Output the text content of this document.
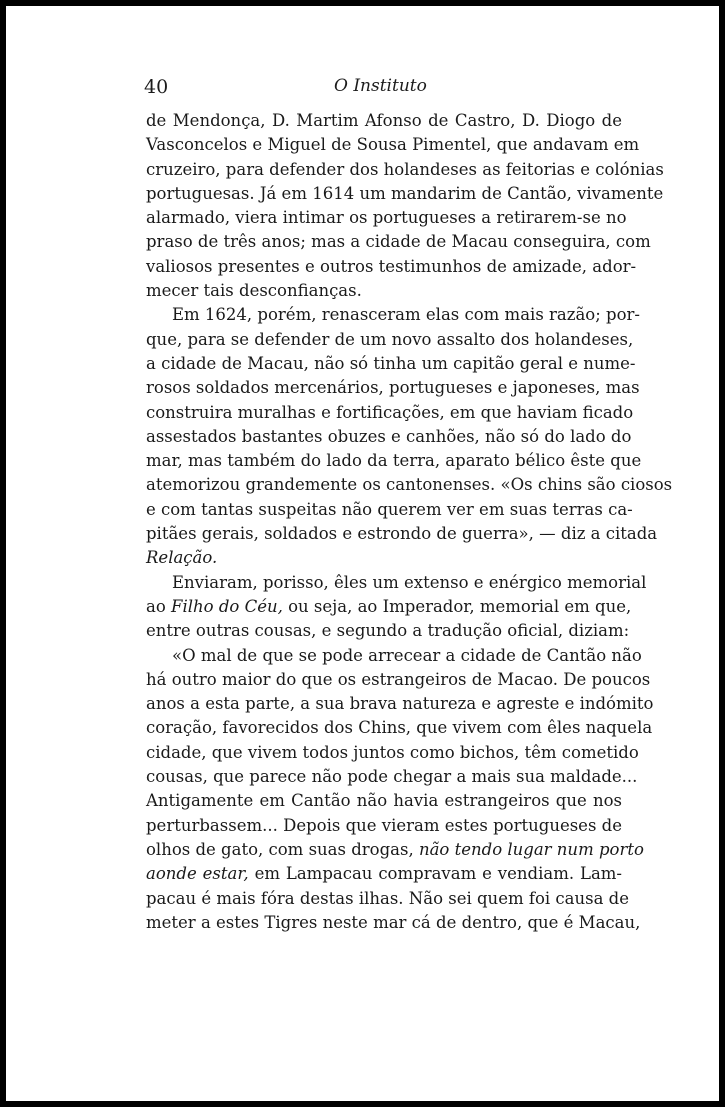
40	O Instituto
de Mendonça, D. Martim Afonso de Castro, D. Diogo de
Vasconcelos e Miguel de Sousa Pimentel, que andavam em
cruzeiro, para defender dos holandeses as feitorias e colónias
portuguesas. Já em 1614 um mandarim de Cantão, vivamente
alarmado, viera intimar os portugueses a retirarem-se no
praso de três anos; mas a cidade de Macau conseguira, com
valiosos presentes e outros testimunhos de amizade, ador-
mecer tais desconfianças.
Em 1624, porém, renasceram elas com mais razão; por-
que, para se defender de um novo assalto dos holandeses,
a cidade de Macau, não só tinha um capitão geral e nume-
rosos soldados mercenários, portugueses e japoneses, mas
construira muralhas e fortificações, em que haviam ficado
assestados bastantes obuzes e canhões, não só do lado do
mar, mas também do lado da terra, aparato bélico êste que
atemorizou grandemente os cantonenses. «Os chins são ciosos
e com tantas suspeitas não querem ver em suas terras ca-
pitães gerais, soldados e estrondo de guerra», — diz a citada
Relação.
Enviaram, porisso, êles um extenso e enérgico memorial
ao Filho do Céu, ou seja, ao Imperador, memorial em que,
entre outras cousas, e segundo a tradução oficial, diziam:
«O mal de que se pode arrecear a cidade de Cantão não
há outro maior do que os estrangeiros de Macao. De poucos
anos a esta parte, a sua brava natureza e agreste e indómito
coração, favorecidos dos Chins, que vivem com êles naquela
cidade, que vivem todos juntos como bichos, têm cometido
cousas, que parece não pode chegar a mais sua maldade...
Antigamente em Cantão não havia estrangeiros que nos
perturbassem... Depois que vieram estes portugueses de
olhos de gato, com suas drogas, não tendo lugar num porto
aonde estar, em Lampacau compravam e vendiam. Lam-
pacau é mais fóra destas ilhas. Não sei quem foi causa de
meter a estes Tigres neste mar cá de dentro, que é Macau,
